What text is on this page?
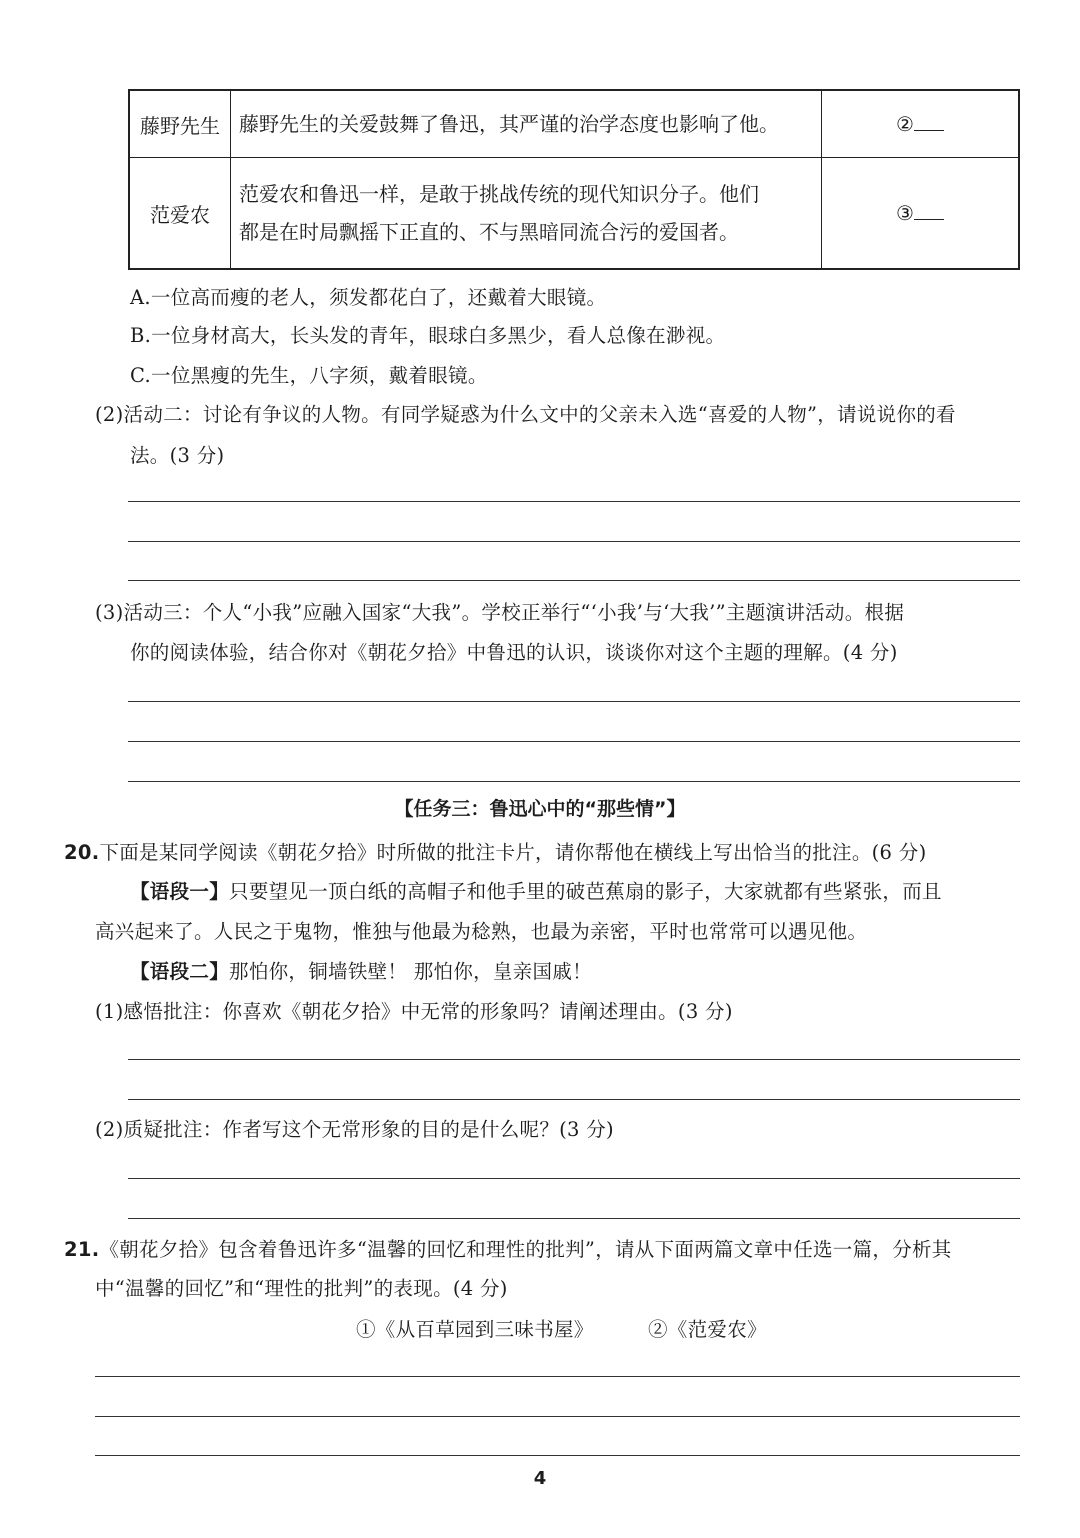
藤野先生	藤野先生的关爱鼓舞了鲁迅，其严谨的治学态度也影响了他。	②
范爱农	范爱农和鲁迅一样，是敢于挑战传统的现代知识分子。他们
都是在时局飘摇下正直的、不与黑暗同流合污的爱国者。	③
A.一位高而瘦的老人，须发都花白了，还戴着大眼镜。
B.一位身材高大，长头发的青年，眼球白多黑少，看人总像在渺视。
C.一位黑瘦的先生，八字须，戴着眼镜。
(2)活动二：讨论有争议的人物。有同学疑惑为什么文中的父亲未入选“喜爱的人物”，请说说你的看
法。(3 分)
(3)活动三：个人“小我”应融入国家“大我”。学校正举行“‘小我’与‘大我’”主题演讲活动。根据
你的阅读体验，结合你对《朝花夕拾》中鲁迅的认识，谈谈你对这个主题的理解。(4 分)
【任务三：鲁迅心中的“那些情”】
20.下面是某同学阅读《朝花夕拾》时所做的批注卡片，请你帮他在横线上写出恰当的批注。(6 分)
【语段一】只要望见一顶白纸的高帽子和他手里的破芭蕉扇的影子，大家就都有些紧张，而且
高兴起来了。人民之于鬼物，惟独与他最为稔熟，也最为亲密，平时也常常可以遇见他。
【语段二】那怕你，铜墙铁壁！ 那怕你，皇亲国戚！
(1)感悟批注：你喜欢《朝花夕拾》中无常的形象吗？请阐述理由。(3 分)
(2)质疑批注：作者写这个无常形象的目的是什么呢？(3 分)
21.《朝花夕拾》包含着鲁迅许多“温馨的回忆和理性的批判”，请从下面两篇文章中任选一篇，分析其
中“温馨的回忆”和“理性的批判”的表现。(4 分)
①《从百草园到三味书屋》	②《范爱农》
4
